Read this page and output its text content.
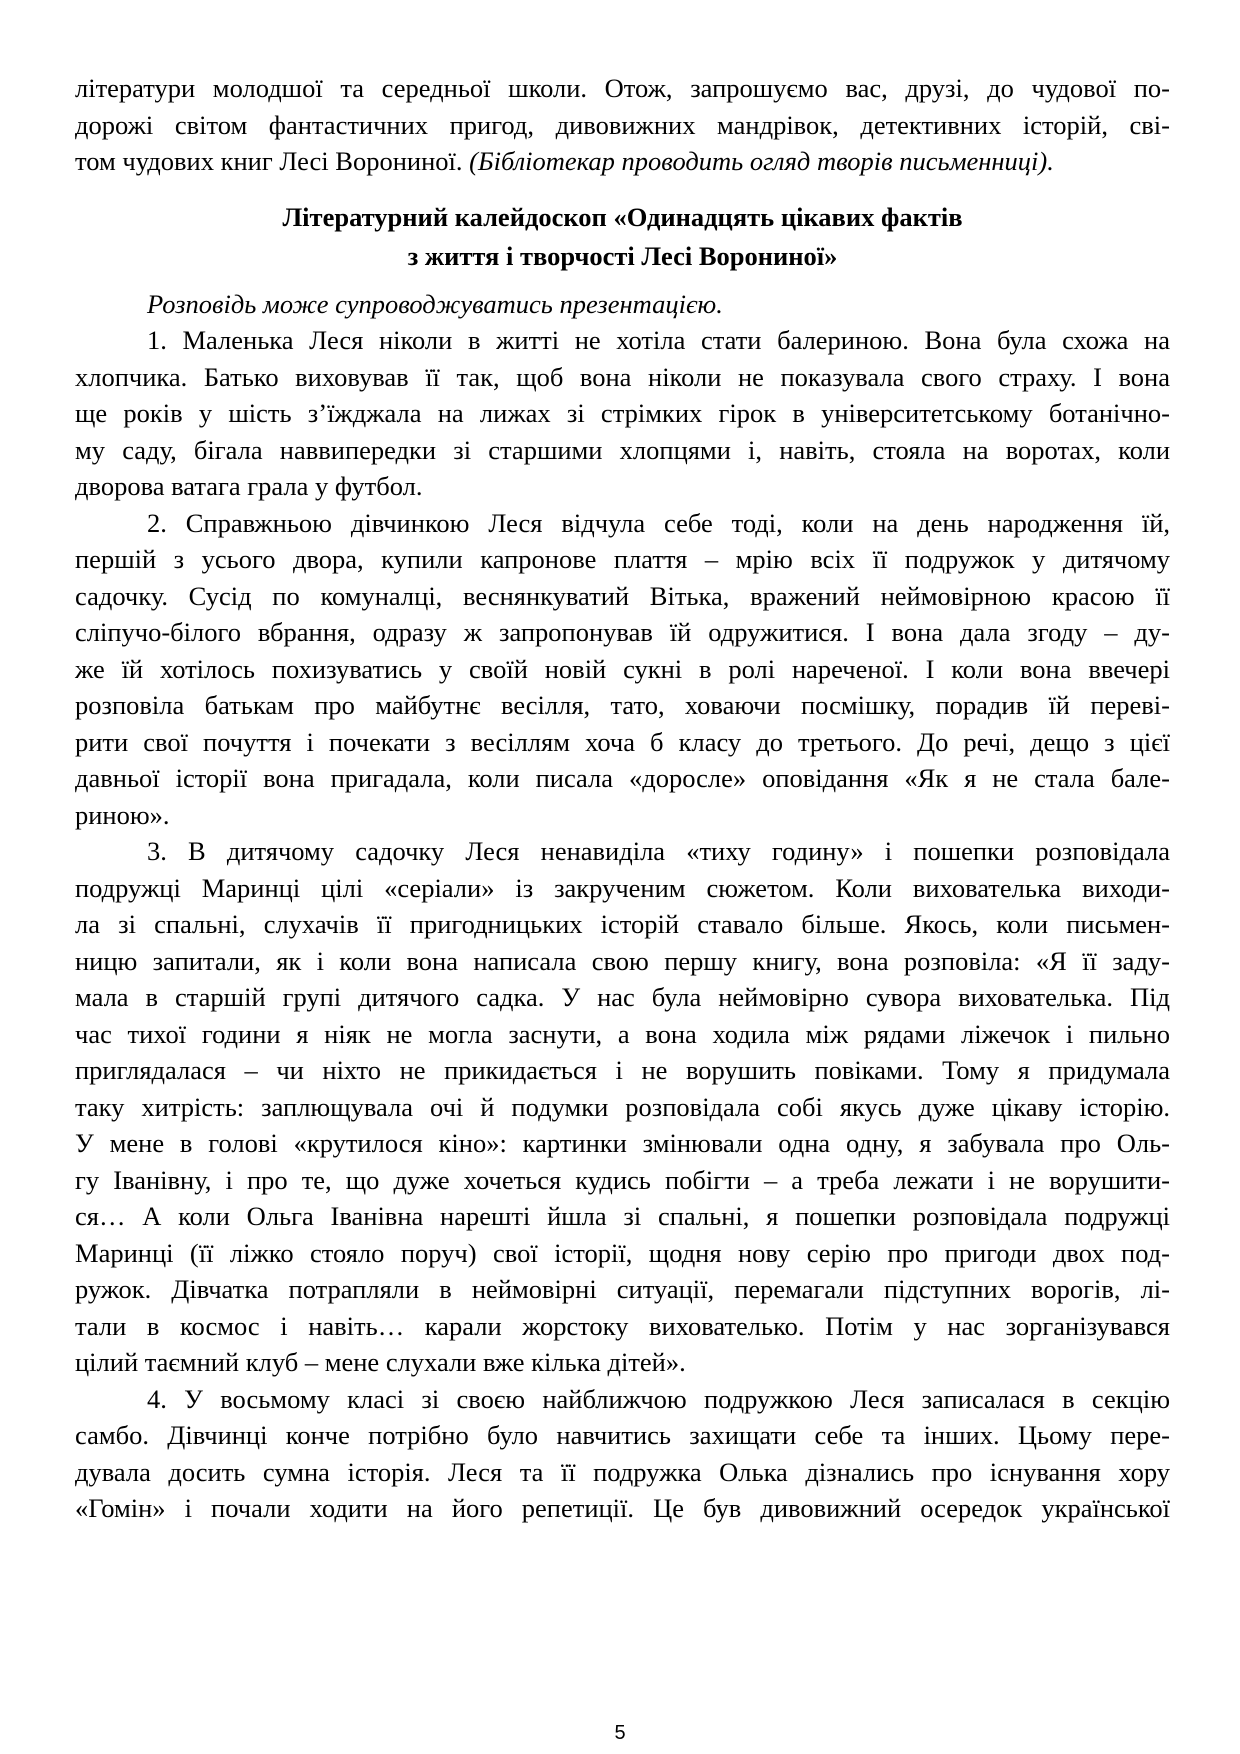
літератури молодшої та середньої школи. Отож, запрошуємо вас, друзі, до чудової по-
дорожі світом фантастичних пригод, дивовижних мандрівок, детективних історій, сві-
том чудових книг Лесі Ворониної. (Бібліотекар проводить огляд творів письменниці).
Літературний калейдоскоп «Одинадцять цікавих фактів
з життя і творчості Лесі Ворониної»
Розповідь може супроводжуватись презентацією.
1. Маленька Леся ніколи в житті не хотіла стати балериною. Вона була схожа на
хлопчика. Батько виховував її так, щоб вона ніколи не показувала свого страху. І вона
ще років у шість з’їжджала на лижах зі стрімких гірок в університетському ботанічно-
му саду, бігала наввипередки зі старшими хлопцями і, навіть, стояла на воротах, коли
дворова ватага грала у футбол.
2. Справжньою дівчинкою Леся відчула себе тоді, коли на день народження їй,
першій з усього двора, купили капронове плаття – мрію всіх її подружок у дитячому
садочку. Сусід по комуналці, веснянкуватий Вітька, вражений неймовірною красою її
сліпучо-білого вбрання, одразу ж запропонував їй одружитися. І вона дала згоду – ду-
же їй хотілось похизуватись у своїй новій сукні в ролі нареченої. І коли вона ввечері
розповіла батькам про майбутнє весілля, тато, ховаючи посмішку, порадив їй переві-
рити свої почуття і почекати з весіллям хоча б класу до третього. До речі, дещо з цієї
давньої історії вона пригадала, коли писала «доросле» оповідання «Як я не стала бале-
риною».
3. В дитячому садочку Леся ненавиділа «тиху годину» і пошепки розповідала
подружці Маринці цілі «серіали» із закрученим сюжетом. Коли вихователька виходи-
ла зі спальні, слухачів її пригодницьких історій ставало більше. Якось, коли письмен-
ницю запитали, як і коли вона написала свою першу книгу, вона розповіла: «Я її заду-
мала в старшій групі дитячого садка. У нас була неймовірно сувора вихователька. Під
час тихої години я ніяк не могла заснути, а вона ходила між рядами ліжечок і пильно
приглядалася – чи ніхто не прикидається і не ворушить повіками. Тому я придумала
таку хитрість: заплющувала очі й подумки розповідала собі якусь дуже цікаву історію.
У мене в голові «крутилося кіно»: картинки змінювали одна одну, я забувала про Оль-
гу Іванівну, і про те, що дуже хочеться кудись побігти – а треба лежати і не ворушити-
ся… А коли Ольга Іванівна нарешті йшла зі спальні, я пошепки розповідала подружці
Маринці (її ліжко стояло поруч) свої історії, щодня нову серію про пригоди двох под-
ружок. Дівчатка потрапляли в неймовірні ситуації, перемагали підступних ворогів, лі-
тали в космос і навіть… карали жорстоку вихователько. Потім у нас зорганізувався
цілий таємний клуб – мене слухали вже кілька дітей».
4. У восьмому класі зі своєю найближчою подружкою Леся записалася в секцію
самбо. Дівчинці конче потрібно було навчитись захищати себе та інших. Цьому пере-
дувала досить сумна історія. Леся та її подружка Олька дізнались про існування хору
«Гомін» і почали ходити на його репетиції. Це був дивовижний осередок української
5
